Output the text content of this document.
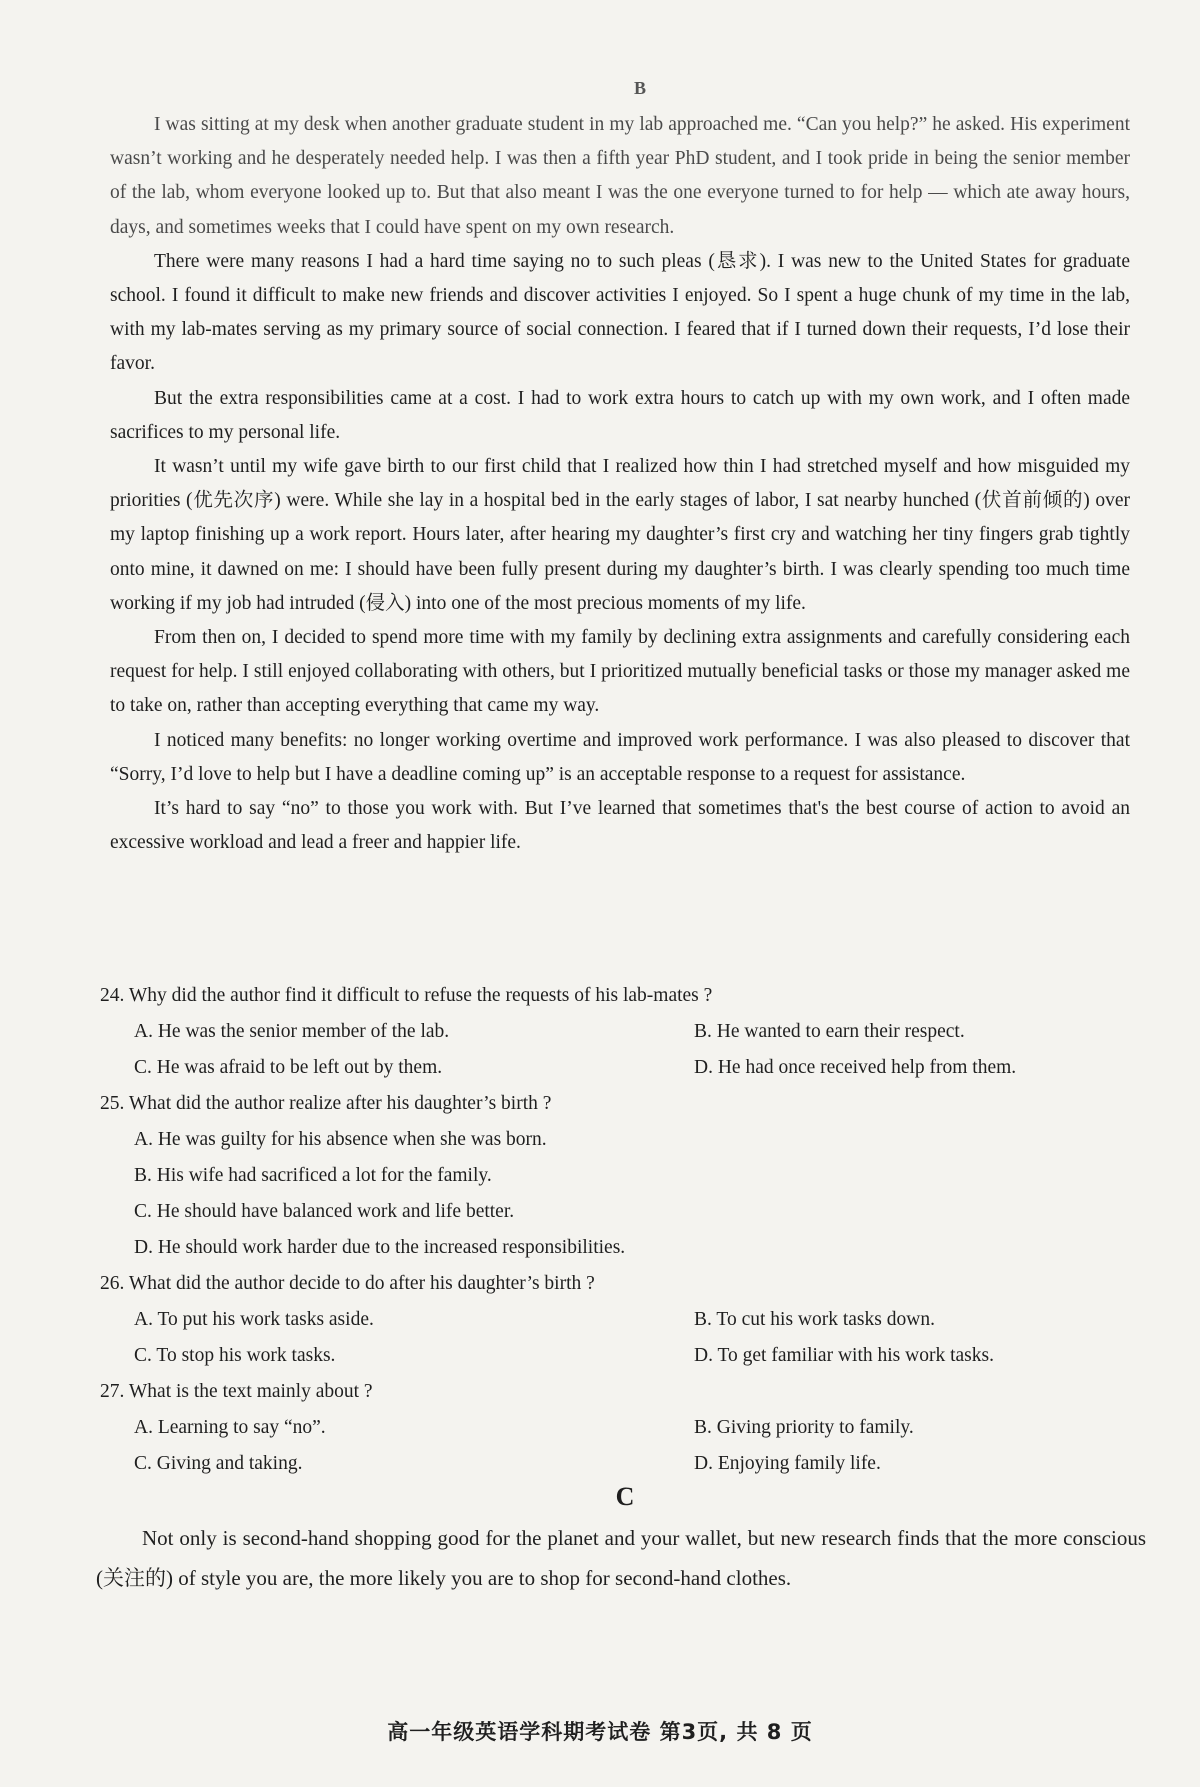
B

I was sitting at my desk when another graduate student in my lab approached me. “Can you help?” he asked. His experiment wasn’t working and he desperately needed help. I was then a fifth year PhD student, and I took pride in being the senior member of the lab, whom everyone looked up to. But that also meant I was the one everyone turned to for help — which ate away hours, days, and sometimes weeks that I could have spent on my own research.

There were many reasons I had a hard time saying no to such pleas (恳求). I was new to the United States for graduate school. I found it difficult to make new friends and discover activities I enjoyed. So I spent a huge chunk of my time in the lab, with my lab-mates serving as my primary source of social connection. I feared that if I turned down their requests, I’d lose their favor.

But the extra responsibilities came at a cost. I had to work extra hours to catch up with my own work, and I often made sacrifices to my personal life.

It wasn’t until my wife gave birth to our first child that I realized how thin I had stretched myself and how misguided my priorities (优先次序) were. While she lay in a hospital bed in the early stages of labor, I sat nearby hunched (伏首前倾的) over my laptop finishing up a work report. Hours later, after hearing my daughter’s first cry and watching her tiny fingers grab tightly onto mine, it dawned on me: I should have been fully present during my daughter’s birth. I was clearly spending too much time working if my job had intruded (侵入) into one of the most precious moments of my life.

From then on, I decided to spend more time with my family by declining extra assignments and carefully considering each request for help. I still enjoyed collaborating with others, but I prioritized mutually beneficial tasks or those my manager asked me to take on, rather than accepting everything that came my way.

I noticed many benefits: no longer working overtime and improved work performance. I was also pleased to discover that “Sorry, I’d love to help but I have a deadline coming up” is an acceptable response to a request for assistance.

It’s hard to say “no” to those you work with. But I’ve learned that sometimes that's the best course of action to avoid an excessive workload and lead a freer and happier life.

24. Why did the author find it difficult to refuse the requests of his lab-mates ?
A. He was the senior member of the lab.	B. He wanted to earn their respect.
C. He was afraid to be left out by them.	D. He had once received help from them.
25. What did the author realize after his daughter’s birth ?
A. He was guilty for his absence when she was born.
B. His wife had sacrificed a lot for the family.
C. He should have balanced work and life better.
D. He should work harder due to the increased responsibilities.
26. What did the author decide to do after his daughter’s birth ?
A. To put his work tasks aside.	B. To cut his work tasks down.
C. To stop his work tasks.	D. To get familiar with his work tasks.
27. What is the text mainly about ?
A. Learning to say “no”.	B. Giving priority to family.
C. Giving and taking.	D. Enjoying family life.
C

Not only is second-hand shopping good for the planet and your wallet, but new research finds that the more conscious (关注的) of style you are, the more likely you are to shop for second-hand clothes.

高一年级英语学科期考试卷 第3页, 共 8 页
